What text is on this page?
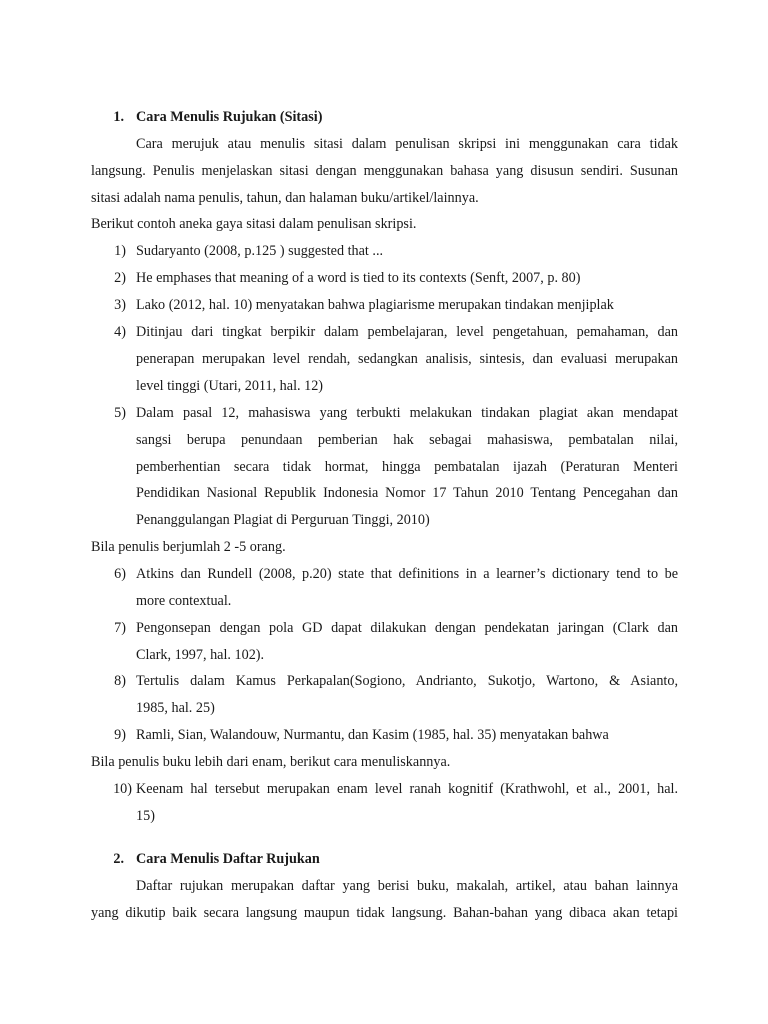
1. Cara Menulis Rujukan (Sitasi)
Cara merujuk atau menulis sitasi dalam penulisan skripsi ini menggunakan cara tidak
langsung. Penulis menjelaskan sitasi dengan menggunakan bahasa yang disusun sendiri. Susunan
sitasi adalah nama penulis, tahun, dan halaman buku/artikel/lainnya.
Berikut contoh aneka gaya sitasi dalam penulisan skripsi.
1) Sudaryanto (2008, p.125 ) suggested that ...
2) He emphases that meaning of a word is tied to its contexts (Senft, 2007, p. 80)
3) Lako (2012, hal. 10) menyatakan bahwa plagiarisme merupakan tindakan menjiplak
4) Ditinjau dari tingkat berpikir dalam pembelajaran, level pengetahuan, pemahaman, dan
penerapan merupakan level rendah, sedangkan analisis, sintesis, dan evaluasi merupakan
level tinggi (Utari, 2011, hal. 12)
5) Dalam pasal 12, mahasiswa yang terbukti melakukan tindakan plagiat akan mendapat
sangsi berupa penundaan pemberian hak sebagai mahasiswa, pembatalan nilai,
pemberhentian secara tidak hormat, hingga pembatalan ijazah (Peraturan Menteri
Pendidikan Nasional Republik Indonesia Nomor 17 Tahun 2010 Tentang Pencegahan dan
Penanggulangan Plagiat di Perguruan Tinggi, 2010)
Bila penulis berjumlah 2 -5 orang.
6) Atkins dan Rundell (2008, p.20) state that definitions in a learner’s dictionary tend to be
more contextual.
7) Pengonsepan dengan pola GD dapat dilakukan dengan pendekatan jaringan (Clark dan
Clark, 1997, hal. 102).
8) Tertulis dalam Kamus Perkapalan(Sogiono, Andrianto, Sukotjo, Wartono, & Asianto,
1985, hal. 25)
9) Ramli, Sian, Walandouw, Nurmantu, dan Kasim (1985, hal. 35) menyatakan bahwa
Bila penulis buku lebih dari enam, berikut cara menuliskannya.
10) Keenam hal tersebut merupakan enam level ranah kognitif (Krathwohl, et al., 2001, hal.
15)
2. Cara Menulis Daftar Rujukan
Daftar rujukan merupakan daftar yang berisi buku, makalah, artikel, atau bahan lainnya
yang dikutip baik secara langsung maupun tidak langsung. Bahan-bahan yang dibaca akan tetapi
